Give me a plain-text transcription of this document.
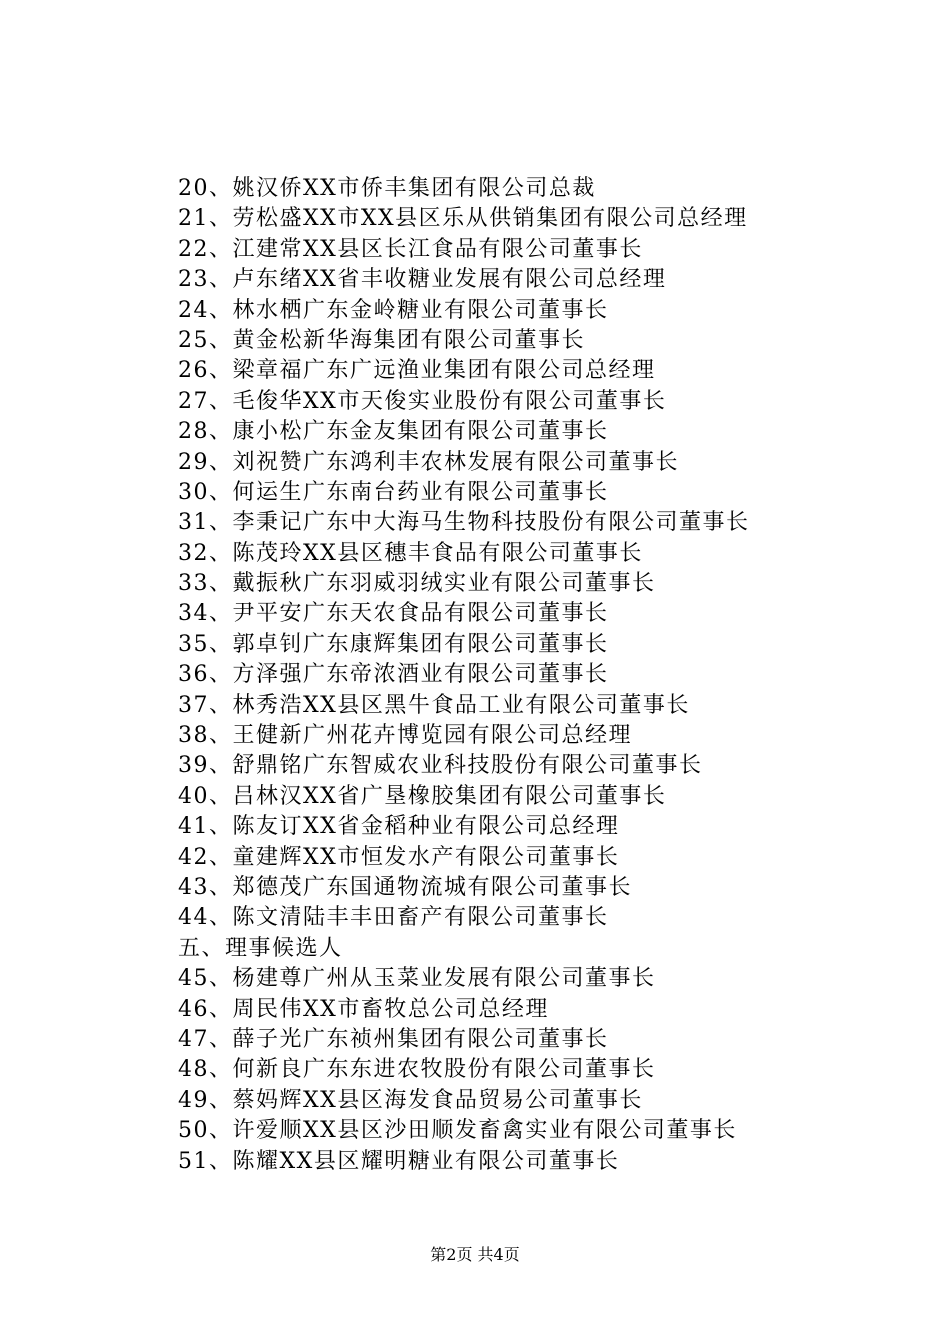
20、姚汉侨XX市侨丰集团有限公司总裁
21、劳松盛XX市XX县区乐从供销集团有限公司总经理
22、江建常XX县区长江食品有限公司董事长
23、卢东绪XX省丰收糖业发展有限公司总经理
24、林水栖广东金岭糖业有限公司董事长
25、黄金松新华海集团有限公司董事长
26、梁章福广东广远渔业集团有限公司总经理
27、毛俊华XX市天俊实业股份有限公司董事长
28、康小松广东金友集团有限公司董事长
29、刘祝赞广东鸿利丰农林发展有限公司董事长
30、何运生广东南台药业有限公司董事长
31、李秉记广东中大海马生物科技股份有限公司董事长
32、陈茂玲XX县区穗丰食品有限公司董事长
33、戴振秋广东羽威羽绒实业有限公司董事长
34、尹平安广东天农食品有限公司董事长
35、郭卓钊广东康辉集团有限公司董事长
36、方泽强广东帝浓酒业有限公司董事长
37、林秀浩XX县区黑牛食品工业有限公司董事长
38、王健新广州花卉博览园有限公司总经理
39、舒鼎铭广东智威农业科技股份有限公司董事长
40、吕林汉XX省广垦橡胶集团有限公司董事长
41、陈友订XX省金稻种业有限公司总经理
42、童建辉XX市恒发水产有限公司董事长
43、郑德茂广东国通物流城有限公司董事长
44、陈文清陆丰丰田畜产有限公司董事长
五、理事候选人
45、杨建尊广州从玉菜业发展有限公司董事长
46、周民伟XX市畜牧总公司总经理
47、薛子光广东祯州集团有限公司董事长
48、何新良广东东进农牧股份有限公司董事长
49、蔡妈辉XX县区海发食品贸易公司董事长
50、许爱顺XX县区沙田顺发畜禽实业有限公司董事长
51、陈耀XX县区耀明糖业有限公司董事长
第2页 共4页
